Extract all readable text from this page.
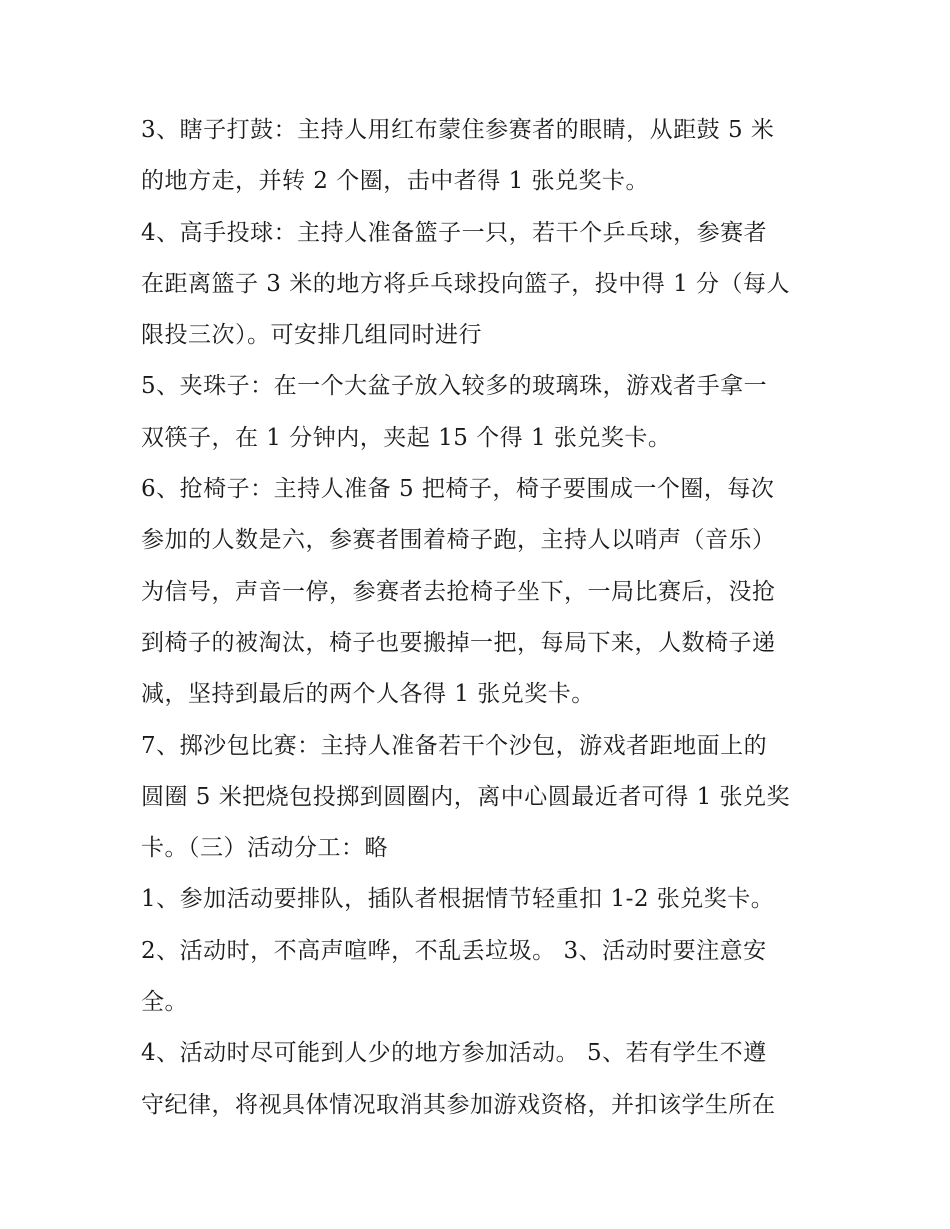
3、瞎子打鼓：主持人用红布蒙住参赛者的眼睛，从距鼓 5 米
的地方走，并转 2 个圈，击中者得 1 张兑奖卡。
4、高手投球：主持人准备篮子一只，若干个乒乓球，参赛者
在距离篮子 3 米的地方将乒乓球投向篮子，投中得 1 分（每人
限投三次）。可安排几组同时进行
5、夹珠子：在一个大盆子放入较多的玻璃珠，游戏者手拿一
双筷子，在 1 分钟内，夹起 15 个得 1 张兑奖卡。
6、抢椅子：主持人准备 5 把椅子，椅子要围成一个圈，每次
参加的人数是六，参赛者围着椅子跑，主持人以哨声（音乐）
为信号，声音一停，参赛者去抢椅子坐下，一局比赛后，没抢
到椅子的被淘汰，椅子也要搬掉一把，每局下来，人数椅子递
减，坚持到最后的两个人各得 1 张兑奖卡。
7、掷沙包比赛：主持人准备若干个沙包，游戏者距地面上的
圆圈 5 米把烧包投掷到圆圈内，离中心圆最近者可得 1 张兑奖
卡。（三）活动分工：略
1、参加活动要排队，插队者根据情节轻重扣 1-2 张兑奖卡。
2、活动时，不高声喧哗，不乱丢垃圾。 3、活动时要注意安
全。
4、活动时尽可能到人少的地方参加活动。 5、若有学生不遵
守纪律，将视具体情况取消其参加游戏资格，并扣该学生所在
